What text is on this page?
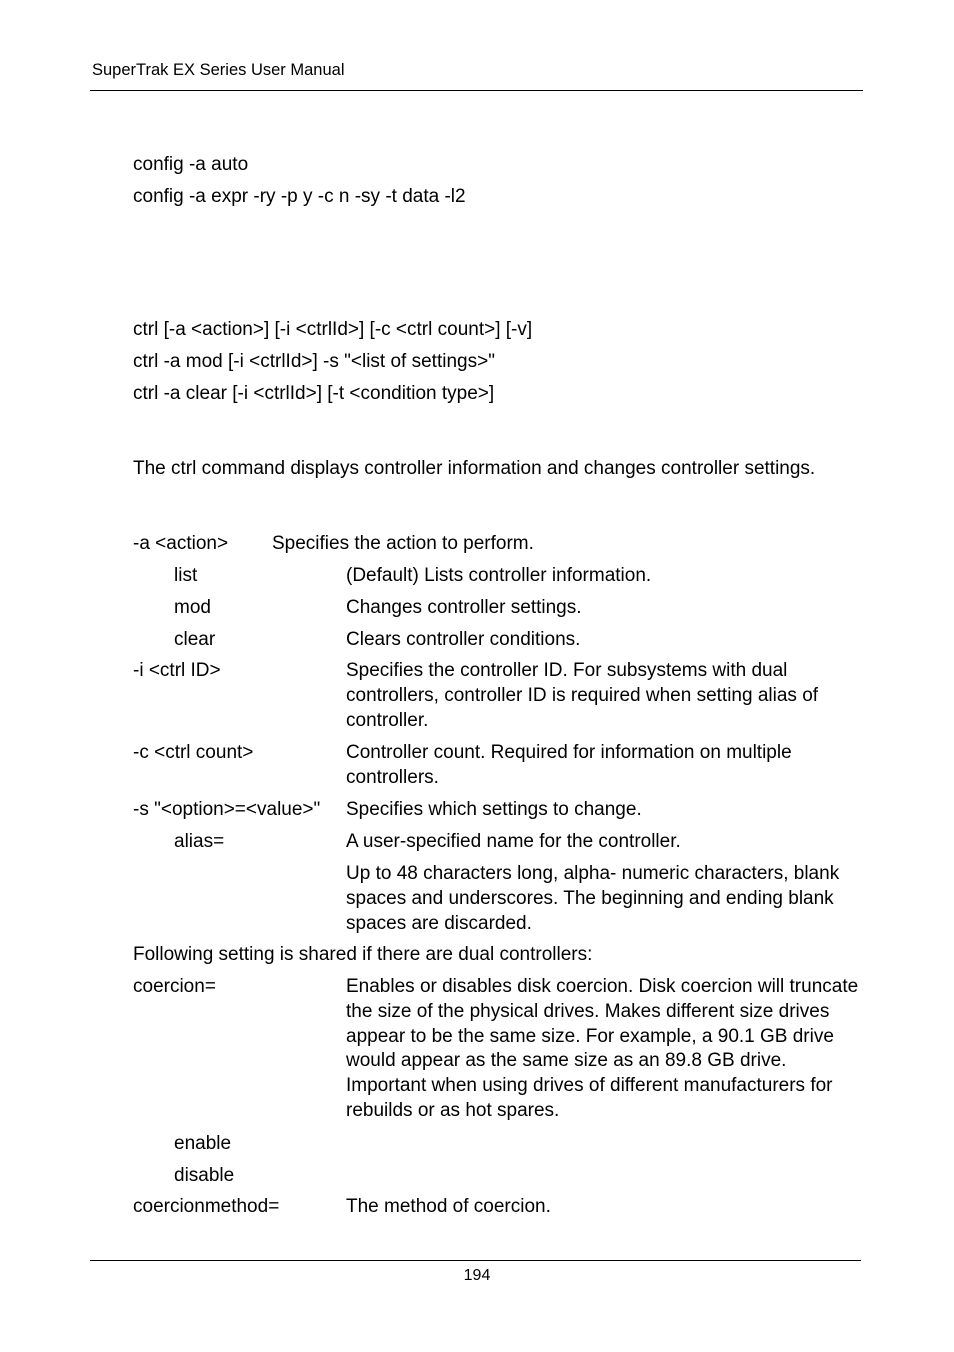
SuperTrak EX Series User Manual
config -a auto
config -a expr -ry -p y -c n -sy -t data -l2
ctrl [-a <action>] [-i <ctrlId>] [-c <ctrl count>] [-v]
ctrl -a mod [-i <ctrlId>] -s "<list of settings>"
ctrl -a clear [-i <ctrlId>] [-t <condition type>]
The ctrl command displays controller information and changes controller settings.
-a <action> Specifies the action to perform.
list	(Default) Lists controller information.
mod	Changes controller settings.
clear	Clears controller conditions.
-i <ctrl ID>	Specifies the controller ID. For subsystems with dual controllers, controller ID is required when setting alias of controller.
-c <ctrl count>	Controller count. Required for information on multiple controllers.
-s "<option>=<value>" Specifies which settings to change.
alias=	A user-specified name for the controller.
Up to 48 characters long, alpha- numeric characters, blank spaces and underscores. The beginning and ending blank spaces are discarded.
Following setting is shared if there are dual controllers:
coercion=	Enables or disables disk coercion. Disk coercion will truncate the size of the physical drives. Makes different size drives appear to be the same size. For example, a 90.1 GB drive would appear as the same size as an 89.8 GB drive. Important when using drives of different manufacturers for rebuilds or as hot spares.
enable
disable
coercionmethod=	The method of coercion.
194
